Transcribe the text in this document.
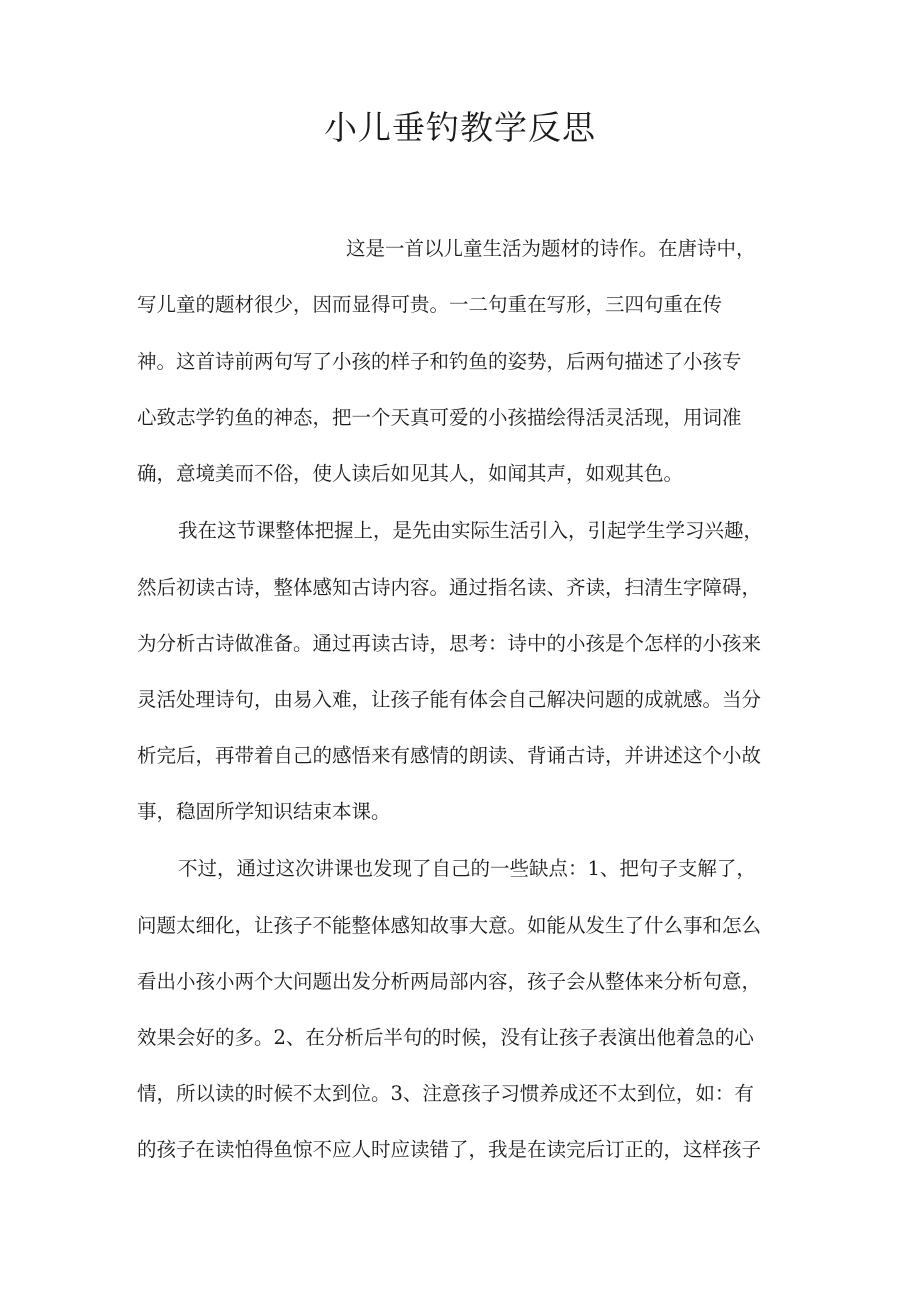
小儿垂钓教学反思
这是一首以儿童生活为题材的诗作。在唐诗中，
写儿童的题材很少，因而显得可贵。一二句重在写形，三四句重在传
神。这首诗前两句写了小孩的样子和钓鱼的姿势，后两句描述了小孩专
心致志学钓鱼的神态，把一个天真可爱的小孩描绘得活灵活现，用词准
确，意境美而不俗，使人读后如见其人，如闻其声，如观其色。
我在这节课整体把握上，是先由实际生活引入，引起学生学习兴趣，
然后初读古诗，整体感知古诗内容。通过指名读、齐读，扫清生字障碍，
为分析古诗做准备。通过再读古诗，思考：诗中的小孩是个怎样的小孩来
灵活处理诗句，由易入难，让孩子能有体会自己解决问题的成就感。当分
析完后，再带着自己的感悟来有感情的朗读、背诵古诗，并讲述这个小故
事，稳固所学知识结束本课。
不过，通过这次讲课也发现了自己的一些缺点：1、把句子支解了，
问题太细化，让孩子不能整体感知故事大意。如能从发生了什么事和怎么
看出小孩小两个大问题出发分析两局部内容，孩子会从整体来分析句意，
效果会好的多。2、在分析后半句的时候，没有让孩子表演出他着急的心
情，所以读的时候不太到位。3、注意孩子习惯养成还不太到位，如：有
的孩子在读怕得鱼惊不应人时应读错了，我是在读完后订正的，这样孩子
